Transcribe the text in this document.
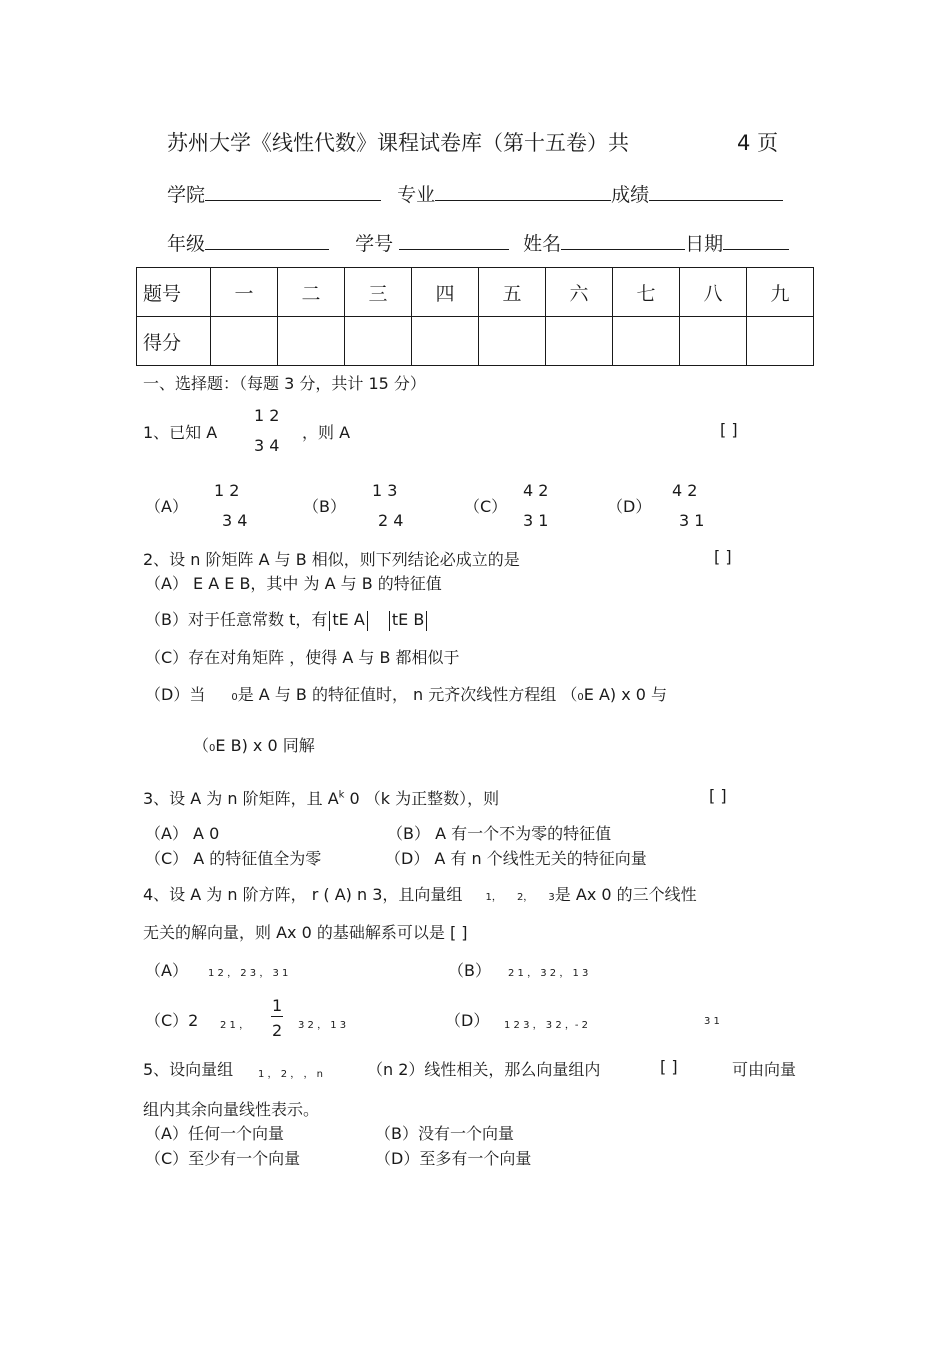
苏州大学《线性代数》课程试卷库（第十五卷）共	4 页
学院	专业	成绩
年级	学号	姓名	日期
题号	一	二	三	四	五	六	七	八	九
得分									
一、选择题：（每题 3 分，共计 15 分）
1、已知 A
1 2
3 4
，则 A	[ ]
（A）
1 2
3 4
（B）
1 3
2 4
（C）
4 2
3 1
（D）
4 2
3 1
2、设 n 阶矩阵 A 与 B 相似，则下列结论必成立的是	[ ]
（A） E A E B，其中 为 A 与 B 的特征值
（B）对于任意常数 t，有 tE A tE B
（C）存在对角矩阵 ，使得 A 与 B 都相似于
（D）当	0是 A 与 B 的特征值时， n 元齐次线性方程组 （0E A) x 0 与
（0E B) x 0 同解
3、设 A 为 n 阶矩阵，且 $A^k$ 0 （k 为正整数），则	[ ]
（A） A 0	（B） A 有一个不为零的特征值
（C） A 的特征值全为零	（D） A 有 n 个线性无关的特征向量
4、设 A 为 n 阶方阵， r ( A) n 3，且向量组 1， 2， 3是 Ax 0 的三个线性
无关的解向量，则 Ax 0 的基础解系可以是 [ ]
（A） 1 2 ， 2 3 ， 3 1	（B） 2 1 ， 3 2 ， 1 3
（C）2 2 1 ，
1
2 3 2 ， 1 3	（D） 1 2 3 ， 3 2 ，- 2	3 1
5、设向量组 1 ， 2 ， ， n	（n 2）线性相关，那么向量组内	[ ]	可由向量
组内其余向量线性表示。
（A）任何一个向量	（B）没有一个向量
（C）至少有一个向量	（D）至多有一个向量
